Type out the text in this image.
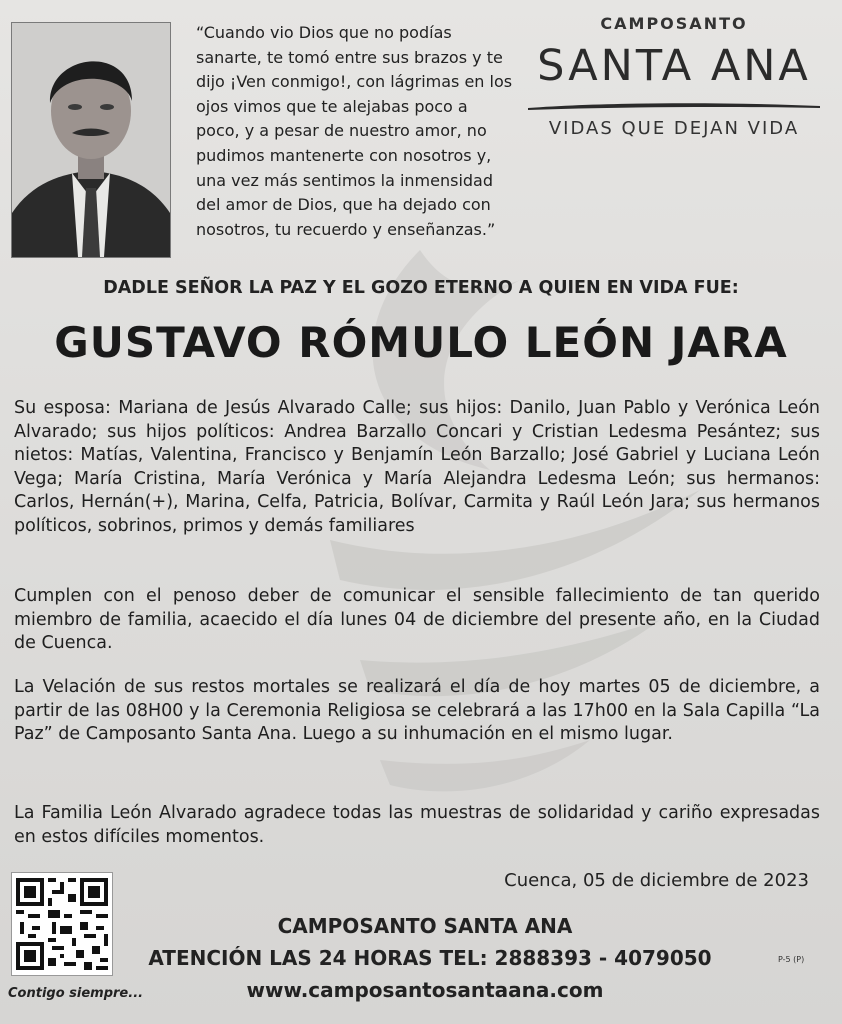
“Cuando vio Dios que no podías sanarte, te tomó entre sus brazos y te dijo ¡Ven conmigo!, con lágrimas en los ojos vimos que te alejabas poco a poco, y a pesar de nuestro amor, no pudimos mantenerte con nosotros y, una vez más sentimos la inmensidad del amor de Dios, que ha dejado con nosotros, tu recuerdo y enseñanzas.”
CAMPOSANTO
SANTA ANA
VIDAS QUE DEJAN VIDA
DADLE SEÑOR LA PAZ Y EL GOZO ETERNO A QUIEN EN VIDA FUE:
GUSTAVO RÓMULO LEÓN JARA

Su esposa: Mariana de Jesús Alvarado Calle; sus hijos: Danilo, Juan Pablo y Verónica León Alvarado; sus hijos políticos: Andrea Barzallo Concari y Cristian Ledesma Pesántez; sus nietos: Matías, Valentina, Francisco y Benjamín León Barzallo; José Gabriel y Luciana León Vega; María Cristina, María Verónica y María Alejandra Ledesma León; sus hermanos: Carlos, Hernán(+), Marina, Celfa, Patricia, Bolívar, Carmita y Raúl León Jara; sus hermanos políticos, sobrinos, primos y demás familiares

Cumplen con el penoso deber de comunicar el sensible fallecimiento de tan querido miembro de familia, acaecido el día lunes 04 de diciembre del presente año, en la Ciudad de Cuenca.

La Velación de sus restos mortales se realizará el día de hoy martes 05 de diciembre, a partir de las 08H00 y la Ceremonia Religiosa se celebrará a las 17h00 en la Sala Capilla “La Paz” de Camposanto Santa Ana. Luego a su inhumación en el mismo lugar.

La Familia León Alvarado agradece todas las muestras de solidaridad y cariño expresadas en estos difíciles momentos.

Cuenca, 05 de diciembre de 2023
Contigo siempre...
CAMPOSANTO SANTA ANA
ATENCIÓN LAS 24 HORAS TEL: 2888393 - 4079050
www.camposantosantaana.com
P-5 (P)
